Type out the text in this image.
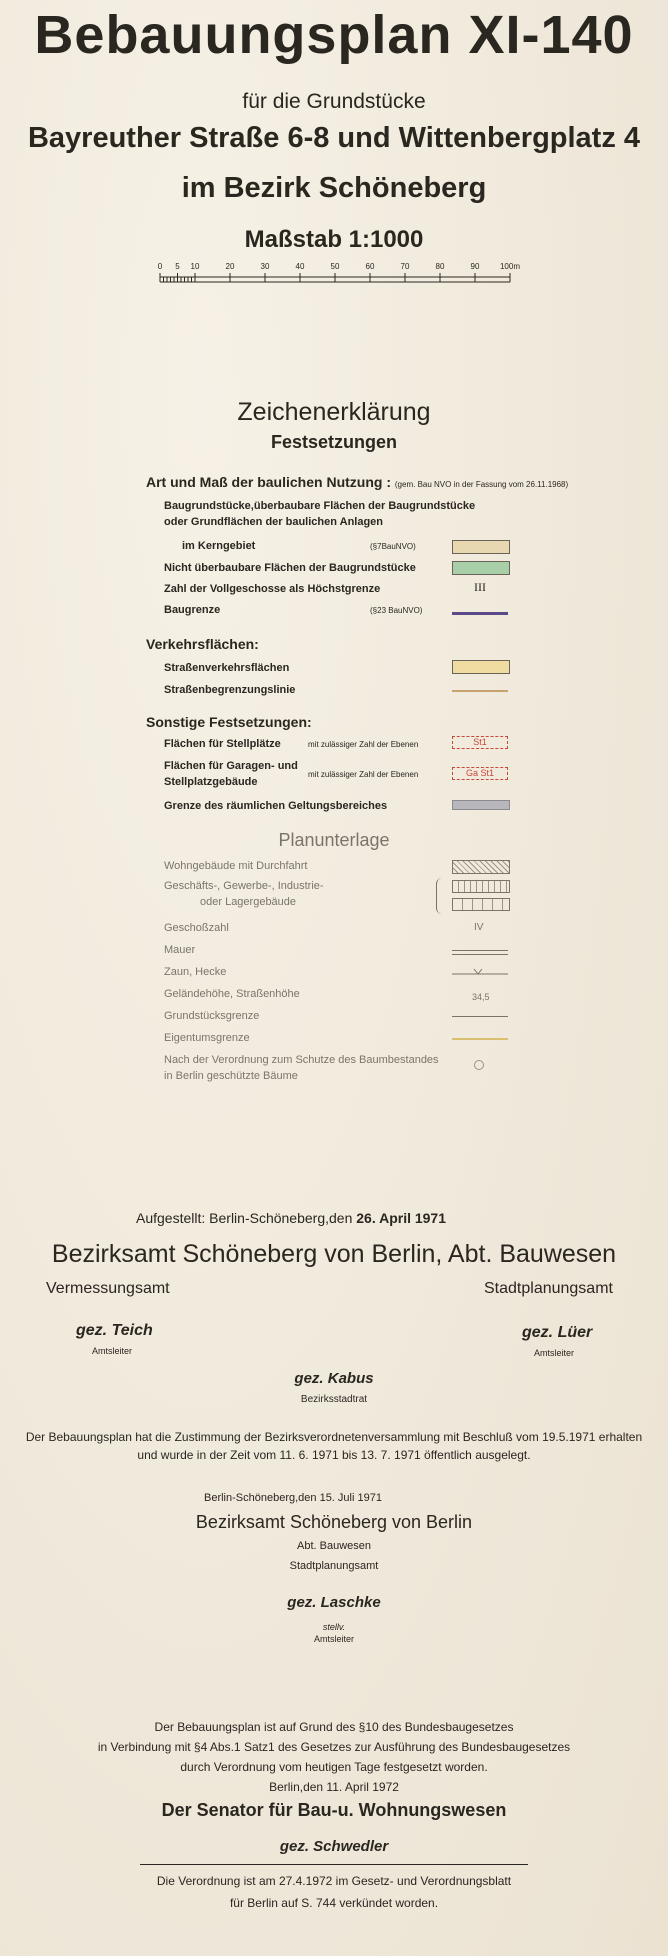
Bebauungsplan XI-140
für die Grundstücke
Bayreuther Straße 6-8 und Wittenbergplatz 4
im Bezirk Schöneberg
Maßstab 1:1000
0 5 10	20	30	40	50	60	70	80	90	100m
Zeichenerklärung
Festsetzungen
Art und Maß der baulichen Nutzung : (gem. Bau NVO in der Fassung vom 26.11.1968)
Baugrundstücke,überbaubare Flächen der Baugrundstücke
oder Grundflächen der baulichen Anlagen
im Kerngebiet	(§7BauNVO)
Nicht überbaubare Flächen der Baugrundstücke
Zahl der Vollgeschosse als Höchstgrenze	III
Baugrenze	(§23 BauNVO)
Verkehrsflächen:
Straßenverkehrsflächen
Straßenbegrenzungslinie
Sonstige Festsetzungen:
Flächen für Stellplätze	mit zulässiger Zahl der Ebenen	St1
Flächen für Garagen- und
Stellplatzgebäude
mit zulässiger Zahl der Ebenen	Ga St1
Grenze des räumlichen Geltungsbereiches
Planunterlage
Wohngebäude mit Durchfahrt
Geschäfts-, Gewerbe-, Industrie-
oder Lagergebäude
Geschoßzahl	IV
Mauer
Zaun, Hecke
Geländehöhe, Straßenhöhe	34,5
Grundstücksgrenze
Eigentumsgrenze
Nach der Verordnung zum Schutze des Baumbestandes
in Berlin geschützte Bäume
Aufgestellt: Berlin-Schöneberg,den 26. April 1971
Bezirksamt Schöneberg von Berlin, Abt. Bauwesen
Vermessungsamt	Stadtplanungsamt
gez. Teich
Amtsleiter
gez. Lüer
Amtsleiter
gez. Kabus
Bezirksstadtrat
Der Bebauungsplan hat die Zustimmung der Bezirksverordnetenversammlung mit Beschluß vom 19.5.1971 erhalten
und wurde in der Zeit vom 11. 6. 1971 bis 13. 7. 1971 öffentlich ausgelegt.
Berlin-Schöneberg,den 15. Juli 1971
Bezirksamt Schöneberg von Berlin
Abt. Bauwesen
Stadtplanungsamt
gez. Laschke
stellv.
Amtsleiter
Der Bebauungsplan ist auf Grund des §10 des Bundesbaugesetzes
in Verbindung mit §4 Abs.1 Satz1 des Gesetzes zur Ausführung des Bundesbaugesetzes
durch Verordnung vom heutigen Tage festgesetzt worden.
Berlin,den 11. April 1972
Der Senator für Bau-u. Wohnungswesen
gez. Schwedler
Die Verordnung ist am 27.4.1972 im Gesetz- und Verordnungsblatt
für Berlin auf S. 744 verkündet worden.
